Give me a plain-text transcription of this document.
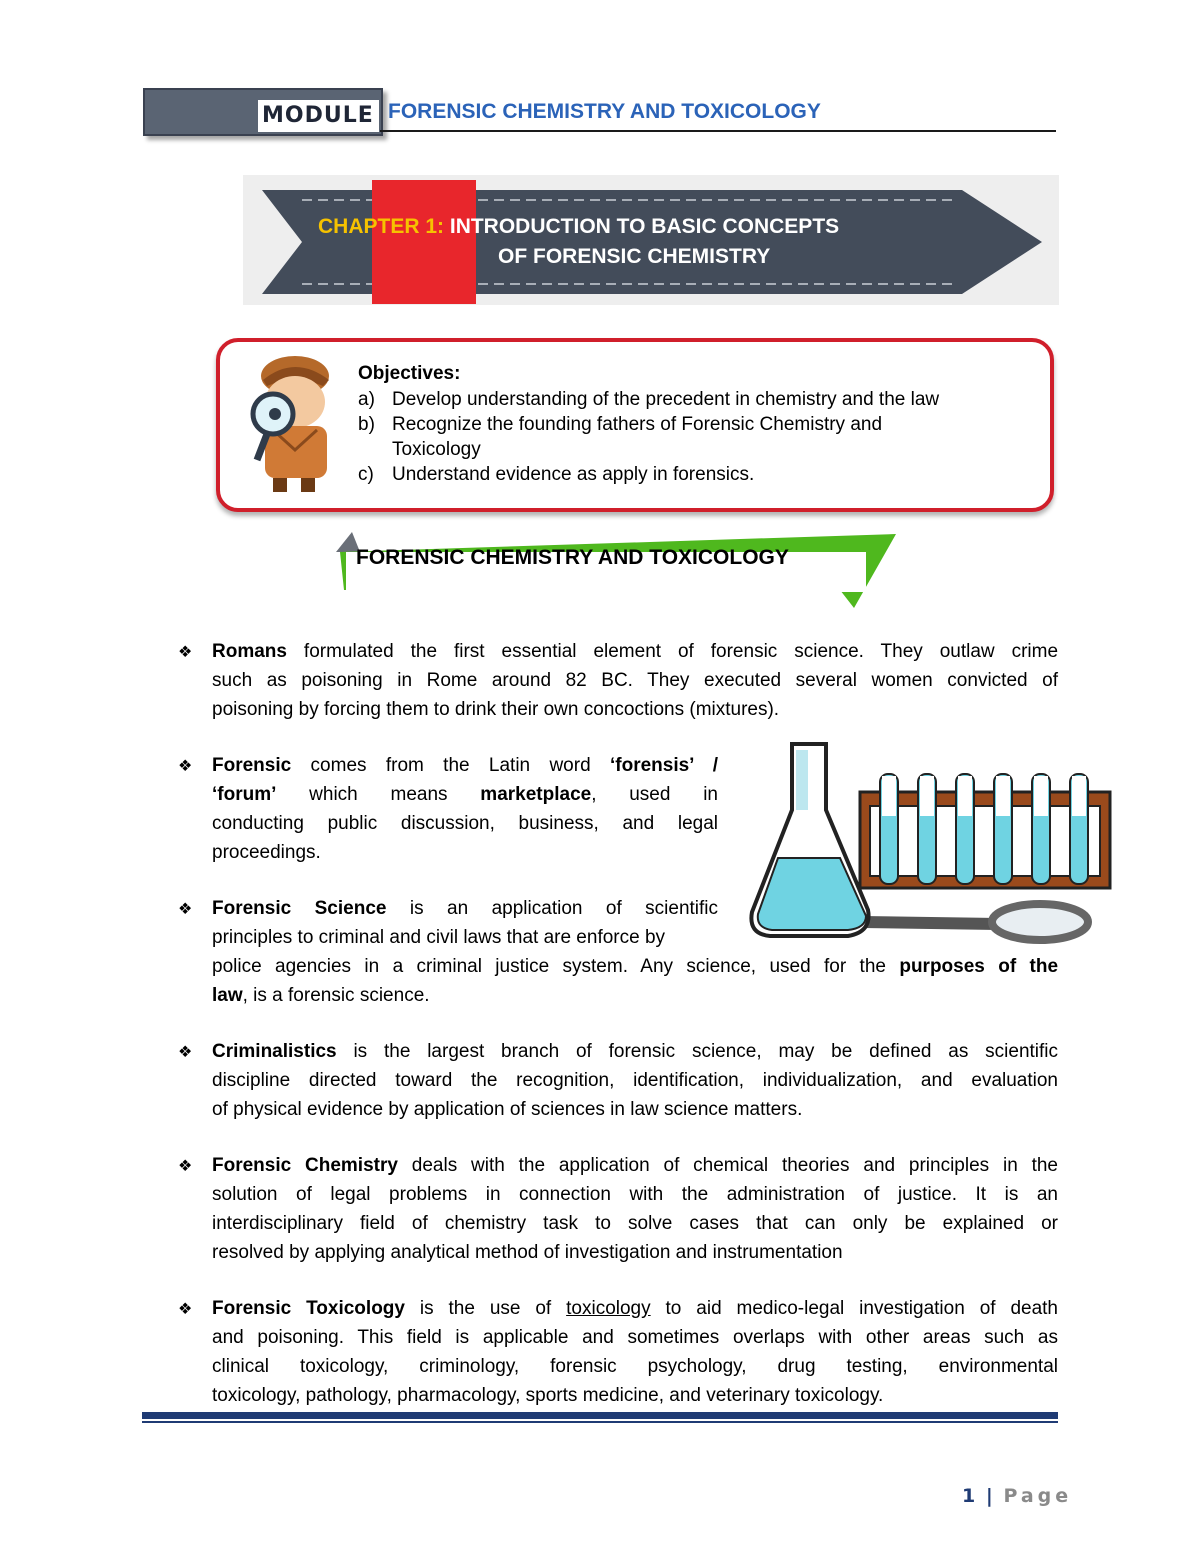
MODULE FORENSIC CHEMISTRY AND TOXICOLOGY
CHAPTER 1: INTRODUCTION TO BASIC CONCEPTS
OF FORENSIC CHEMISTRY
Objectives:
a) Develop understanding of the precedent in chemistry and the law
b) Recognize the founding fathers of Forensic Chemistry and
Toxicology
c) Understand evidence as apply in forensics.
FORENSIC CHEMISTRY AND TOXICOLOGY
❖ Romans formulated the first essential element of forensic science. They outlaw crime
such as poisoning in Rome around 82 BC. They executed several women convicted of
poisoning by forcing them to drink their own concoctions (mixtures).
❖ Forensic comes from the Latin word ‘forensis’ /
‘forum’ which means marketplace, used in
conducting public discussion, business, and legal
proceedings.
❖ Forensic Science is an application of scientific
principles to criminal and civil laws that are enforce by
police agencies in a criminal justice system. Any science, used for the purposes of the
law, is a forensic science.
❖ Criminalistics is the largest branch of forensic science, may be defined as scientific
discipline directed toward the recognition, identification, individualization, and evaluation
of physical evidence by application of sciences in law science matters.
❖ Forensic Chemistry deals with the application of chemical theories and principles in the
solution of legal problems in connection with the administration of justice. It is an
interdisciplinary field of chemistry task to solve cases that can only be explained or
resolved by applying analytical method of investigation and instrumentation
❖ Forensic Toxicology is the use of toxicology to aid medico-legal investigation of death
and poisoning. This field is applicable and sometimes overlaps with other areas such as
clinical toxicology, criminology, forensic psychology, drug testing, environmental
toxicology, pathology, pharmacology, sports medicine, and veterinary toxicology.
1 | Page
